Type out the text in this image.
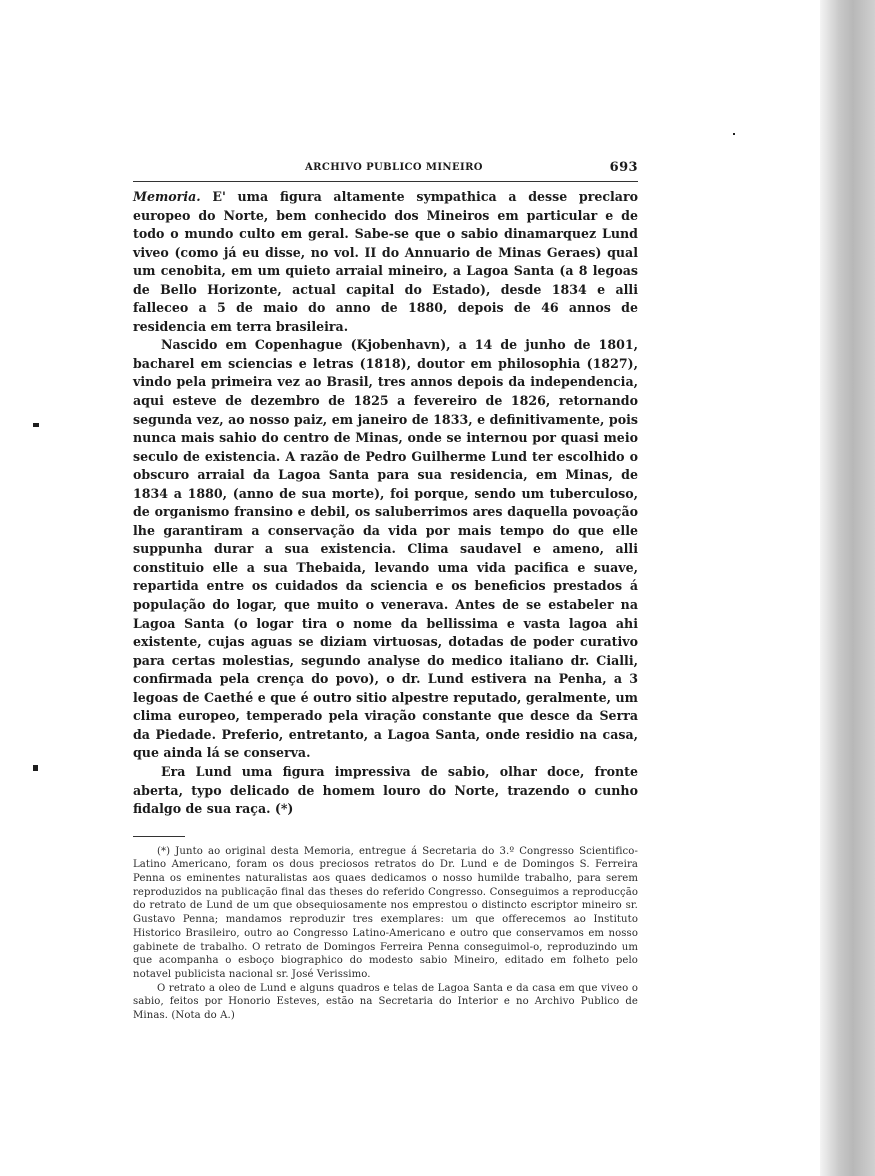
ARCHIVO PUBLICO MINEIRO	693

Memoria. E' uma figura altamente sympathica a desse preclaro europeo do Norte, bem conhecido dos Mineiros em particular e de todo o mundo culto em geral. Sabe-se que o sabio dinamarquez Lund viveo (como já eu disse, no vol. II do Annuario de Minas Geraes) qual um cenobita, em um quieto arraial mineiro, a Lagoa Santa (a 8 legoas de Bello Horizonte, actual capital do Estado), desde 1834 e alli falleceo a 5 de maio do anno de 1880, depois de 46 annos de residencia em terra brasileira.

Nascido em Copenhague (Kjobenhavn), a 14 de junho de 1801, bacharel em sciencias e letras (1818), doutor em philosophia (1827), vindo pela primeira vez ao Brasil, tres annos depois da independencia, aqui esteve de dezembro de 1825 a fevereiro de 1826, retornando segunda vez, ao nosso paiz, em janeiro de 1833, e definitivamente, pois nunca mais sahio do centro de Minas, onde se internou por quasi meio seculo de existencia. A razão de Pedro Guilherme Lund ter escolhido o obscuro arraial da Lagoa Santa para sua residencia, em Minas, de 1834 a 1880, (anno de sua morte), foi porque, sendo um tuberculoso, de organismo fransino e debil, os saluberrimos ares daquella povoação lhe garantiram a conservação da vida por mais tempo do que elle suppunha durar a sua existencia. Clima saudavel e ameno, alli constituio elle a sua Thebaida, levando uma vida pacifica e suave, repartida entre os cuidados da sciencia e os beneficios prestados á população do logar, que muito o venerava. Antes de se estabeler na Lagoa Santa (o logar tira o nome da bellissima e vasta lagoa ahi existente, cujas aguas se diziam virtuosas, dotadas de poder curativo para certas molestias, segundo analyse do medico italiano dr. Cialli, confirmada pela crença do povo), o dr. Lund estivera na Penha, a 3 legoas de Caethé e que é outro sitio alpestre reputado, geralmente, um clima europeo, temperado pela viração constante que desce da Serra da Piedade. Preferio, entretanto, a Lagoa Santa, onde residio na casa, que ainda lá se conserva.

Era Lund uma figura impressiva de sabio, olhar doce, fronte aberta, typo delicado de homem louro do Norte, trazendo o cunho fidalgo de sua raça. (*)

(*) Junto ao original desta Memoria, entregue á Secretaria do 3.º Congresso Scientifico-Latino Americano, foram os dous preciosos retratos do Dr. Lund e de Domingos S. Ferreira Penna os eminentes naturalistas aos quaes dedicamos o nosso humilde trabalho, para serem reproduzidos na publicação final das theses do referido Congresso. Conseguimos a reproducção do retrato de Lund de um que obsequiosamente nos emprestou o distincto escriptor mineiro sr. Gustavo Penna; mandamos reproduzir tres exemplares: um que offerecemos ao Instituto Historico Brasileiro, outro ao Congresso Latino-Americano e outro que conservamos em nosso gabinete de trabalho. O retrato de Domingos Ferreira Penna conseguimol-o, reproduzindo um que acompanha o esboço biographico do modesto sabio Mineiro, editado em folheto pelo notavel publicista nacional sr. José Verissimo.

O retrato a oleo de Lund e alguns quadros e telas de Lagoa Santa e da casa em que viveo o sabio, feitos por Honorio Esteves, estão na Secretaria do Interior e no Archivo Publico de Minas. (Nota do A.)
